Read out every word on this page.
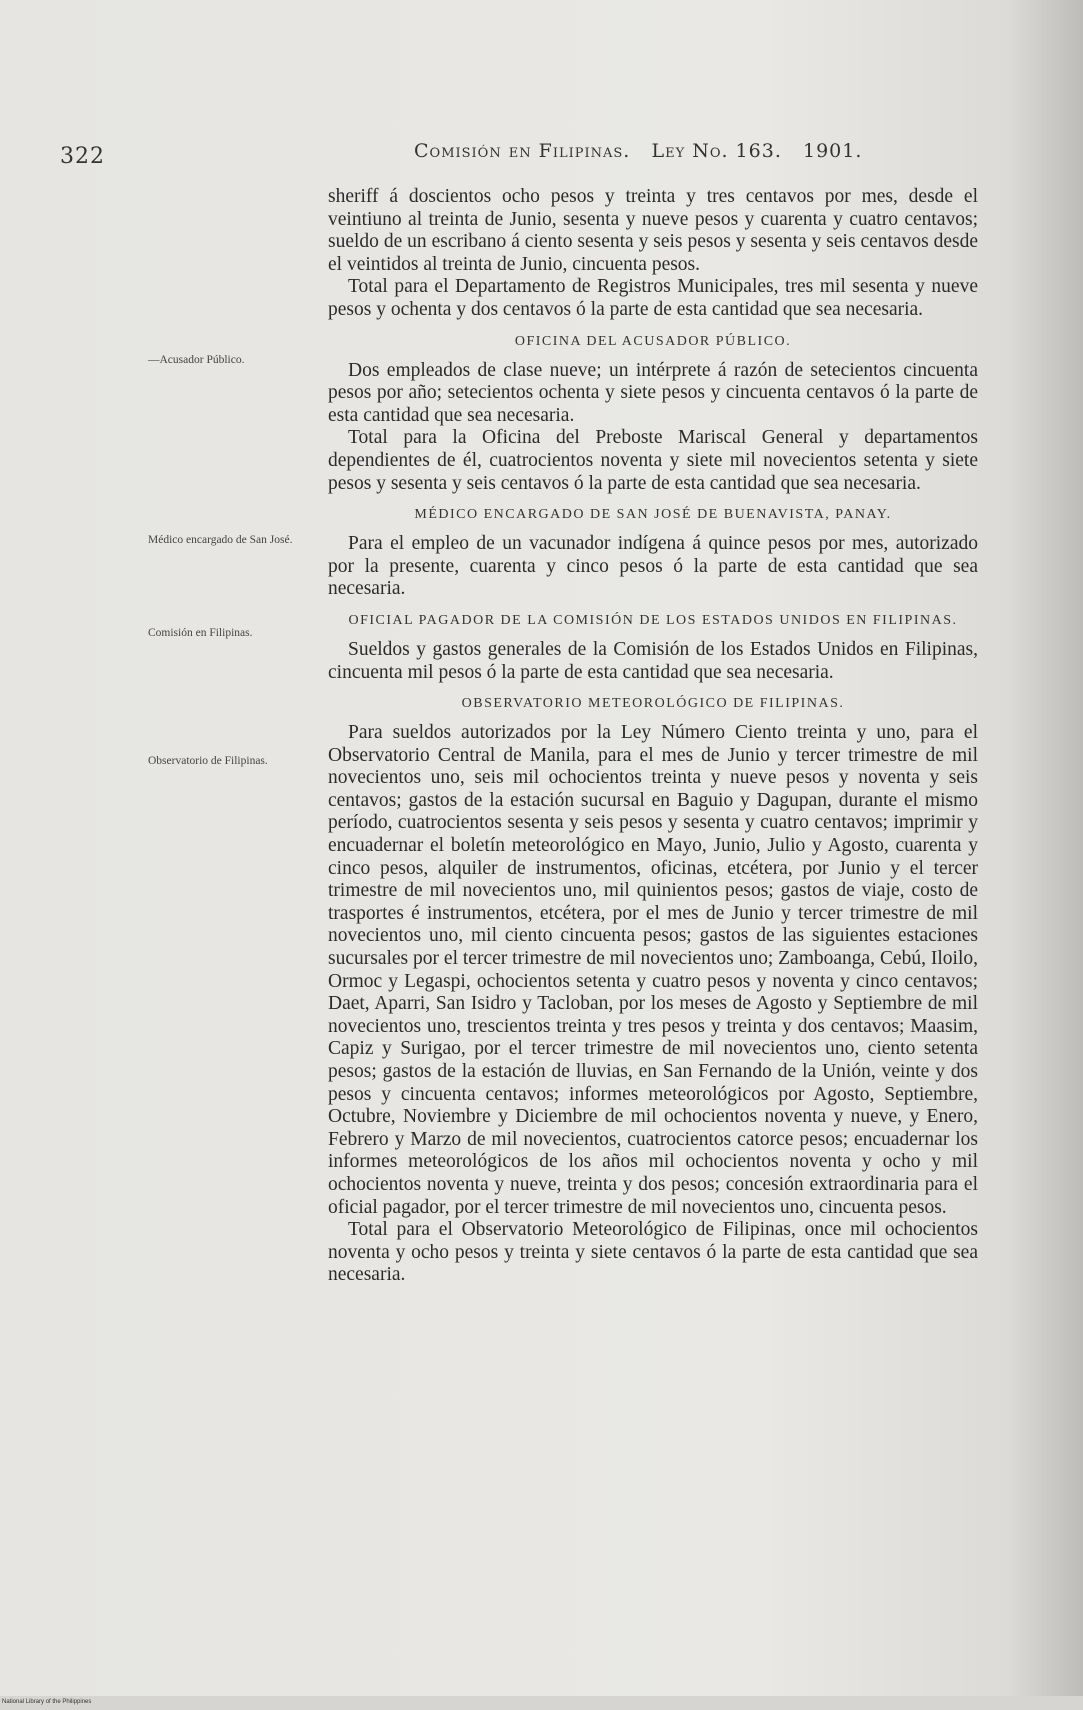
322	Comisión en Filipinas. Ley No. 163. 1901.
—Acusador Público.
Médico encargado de San José.
Comisión en Filipinas.
Observatorio de Filipinas.

sheriff á doscientos ocho pesos y treinta y tres centavos por mes, desde el veintiuno al treinta de Junio, sesenta y nueve pesos y cuarenta y cuatro centavos; sueldo de un escribano á ciento sesenta y seis pesos y sesenta y seis centavos desde el veintidos al treinta de Junio, cincuenta pesos.

Total para el Departamento de Registros Municipales, tres mil sesenta y nueve pesos y ochenta y dos centavos ó la parte de esta cantidad que sea necesaria.

OFICINA DEL ACUSADOR PÚBLICO.

Dos empleados de clase nueve; un intérprete á razón de setecientos cincuenta pesos por año; setecientos ochenta y siete pesos y cincuenta centavos ó la parte de esta cantidad que sea necesaria.

Total para la Oficina del Preboste Mariscal General y departamentos dependientes de él, cuatrocientos noventa y siete mil novecientos setenta y siete pesos y sesenta y seis centavos ó la parte de esta cantidad que sea necesaria.

MÉDICO ENCARGADO DE SAN JOSÉ DE BUENAVISTA, PANAY.

Para el empleo de un vacunador indígena á quince pesos por mes, autorizado por la presente, cuarenta y cinco pesos ó la parte de esta cantidad que sea necesaria.

OFICIAL PAGADOR DE LA COMISIÓN DE LOS ESTADOS UNIDOS EN FILIPINAS.

Sueldos y gastos generales de la Comisión de los Estados Unidos en Filipinas, cincuenta mil pesos ó la parte de esta cantidad que sea necesaria.

OBSERVATORIO METEOROLÓGICO DE FILIPINAS.

Para sueldos autorizados por la Ley Número Ciento treinta y uno, para el Observatorio Central de Manila, para el mes de Junio y tercer trimestre de mil novecientos uno, seis mil ochocientos treinta y nueve pesos y noventa y seis centavos; gastos de la estación sucursal en Baguio y Dagupan, durante el mismo período, cuatrocientos sesenta y seis pesos y sesenta y cuatro centavos; imprimir y encuadernar el boletín meteorológico en Mayo, Junio, Julio y Agosto, cuarenta y cinco pesos, alquiler de instrumentos, oficinas, etcétera, por Junio y el tercer trimestre de mil novecientos uno, mil quinientos pesos; gastos de viaje, costo de trasportes é instrumentos, etcétera, por el mes de Junio y tercer trimestre de mil novecientos uno, mil ciento cincuenta pesos; gastos de las siguientes estaciones sucursales por el tercer trimestre de mil novecientos uno; Zamboanga, Cebú, Iloilo, Ormoc y Legaspi, ochocientos setenta y cuatro pesos y noventa y cinco centavos; Daet, Aparri, San Isidro y Tacloban, por los meses de Agosto y Septiembre de mil novecientos uno, trescientos treinta y tres pesos y treinta y dos centavos; Maasim, Capiz y Surigao, por el tercer trimestre de mil novecientos uno, ciento setenta pesos; gastos de la estación de lluvias, en San Fernando de la Unión, veinte y dos pesos y cincuenta centavos; informes meteorológicos por Agosto, Septiembre, Octubre, Noviembre y Diciembre de mil ochocientos noventa y nueve, y Enero, Febrero y Marzo de mil novecientos, cuatrocientos catorce pesos; encuadernar los informes meteorológicos de los años mil ochocientos noventa y ocho y mil ochocientos noventa y nueve, treinta y dos pesos; concesión extraordinaria para el oficial pagador, por el tercer trimestre de mil novecientos uno, cincuenta pesos.

Total para el Observatorio Meteorológico de Filipinas, once mil ochocientos noventa y ocho pesos y treinta y siete centavos ó la parte de esta cantidad que sea necesaria.

National Library of the Philippines
